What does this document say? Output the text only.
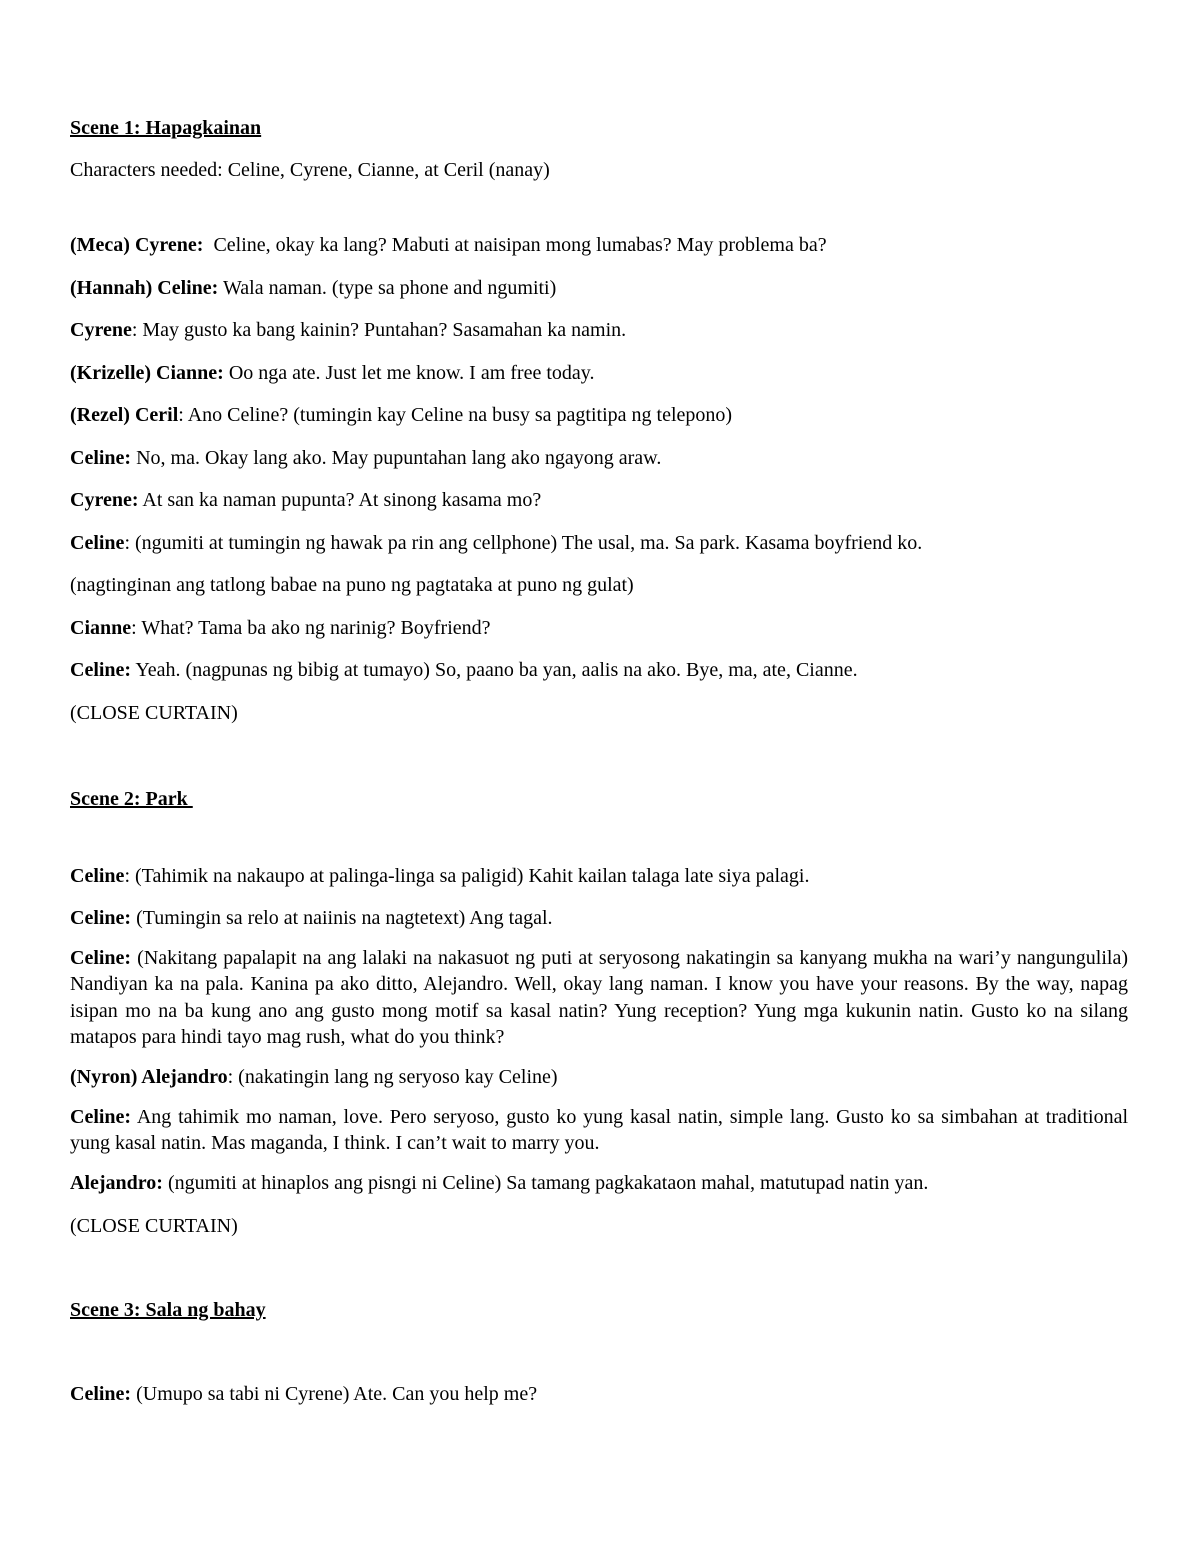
Scene 1: Hapagkainan

Characters needed: Celine, Cyrene, Cianne, at Ceril (nanay)

(Meca) Cyrene:  Celine, okay ka lang? Mabuti at naisipan mong lumabas? May problema ba?

(Hannah) Celine: Wala naman. (type sa phone and ngumiti)

Cyrene: May gusto ka bang kainin? Puntahan? Sasamahan ka namin.

(Krizelle) Cianne: Oo nga ate. Just let me know. I am free today.

(Rezel) Ceril: Ano Celine? (tumingin kay Celine na busy sa pagtitipa ng telepono)

Celine: No, ma. Okay lang ako. May pupuntahan lang ako ngayong araw.

Cyrene: At san ka naman pupunta? At sinong kasama mo?

Celine: (ngumiti at tumingin ng hawak pa rin ang cellphone) The usal, ma. Sa park. Kasama boyfriend ko.

(nagtinginan ang tatlong babae na puno ng pagtataka at puno ng gulat)

Cianne: What? Tama ba ako ng narinig? Boyfriend?

Celine: Yeah. (nagpunas ng bibig at tumayo) So, paano ba yan, aalis na ako. Bye, ma, ate, Cianne.

(CLOSE CURTAIN)

Scene 2: Park

Celine: (Tahimik na nakaupo at palinga-linga sa paligid) Kahit kailan talaga late siya palagi.

Celine: (Tumingin sa relo at naiinis na nagtetext) Ang tagal.

Celine: (Nakitang papalapit na ang lalaki na nakasuot ng puti at seryosong nakatingin sa kanyang mukha na wari’y nangungulila) Nandiyan ka na pala. Kanina pa ako ditto, Alejandro. Well, okay lang naman. I know you have your reasons. By the way, napag isipan mo na ba kung ano ang gusto mong motif sa kasal natin? Yung reception? Yung mga kukunin natin. Gusto ko na silang matapos para hindi tayo mag rush, what do you think?

(Nyron) Alejandro: (nakatingin lang ng seryoso kay Celine)

Celine: Ang tahimik mo naman, love. Pero seryoso, gusto ko yung kasal natin, simple lang. Gusto ko sa simbahan at traditional yung kasal natin. Mas maganda, I think. I can’t wait to marry you.

Alejandro: (ngumiti at hinaplos ang pisngi ni Celine) Sa tamang pagkakataon mahal, matutupad natin yan.

(CLOSE CURTAIN)

Scene 3: Sala ng bahay

Celine: (Umupo sa tabi ni Cyrene) Ate. Can you help me?
